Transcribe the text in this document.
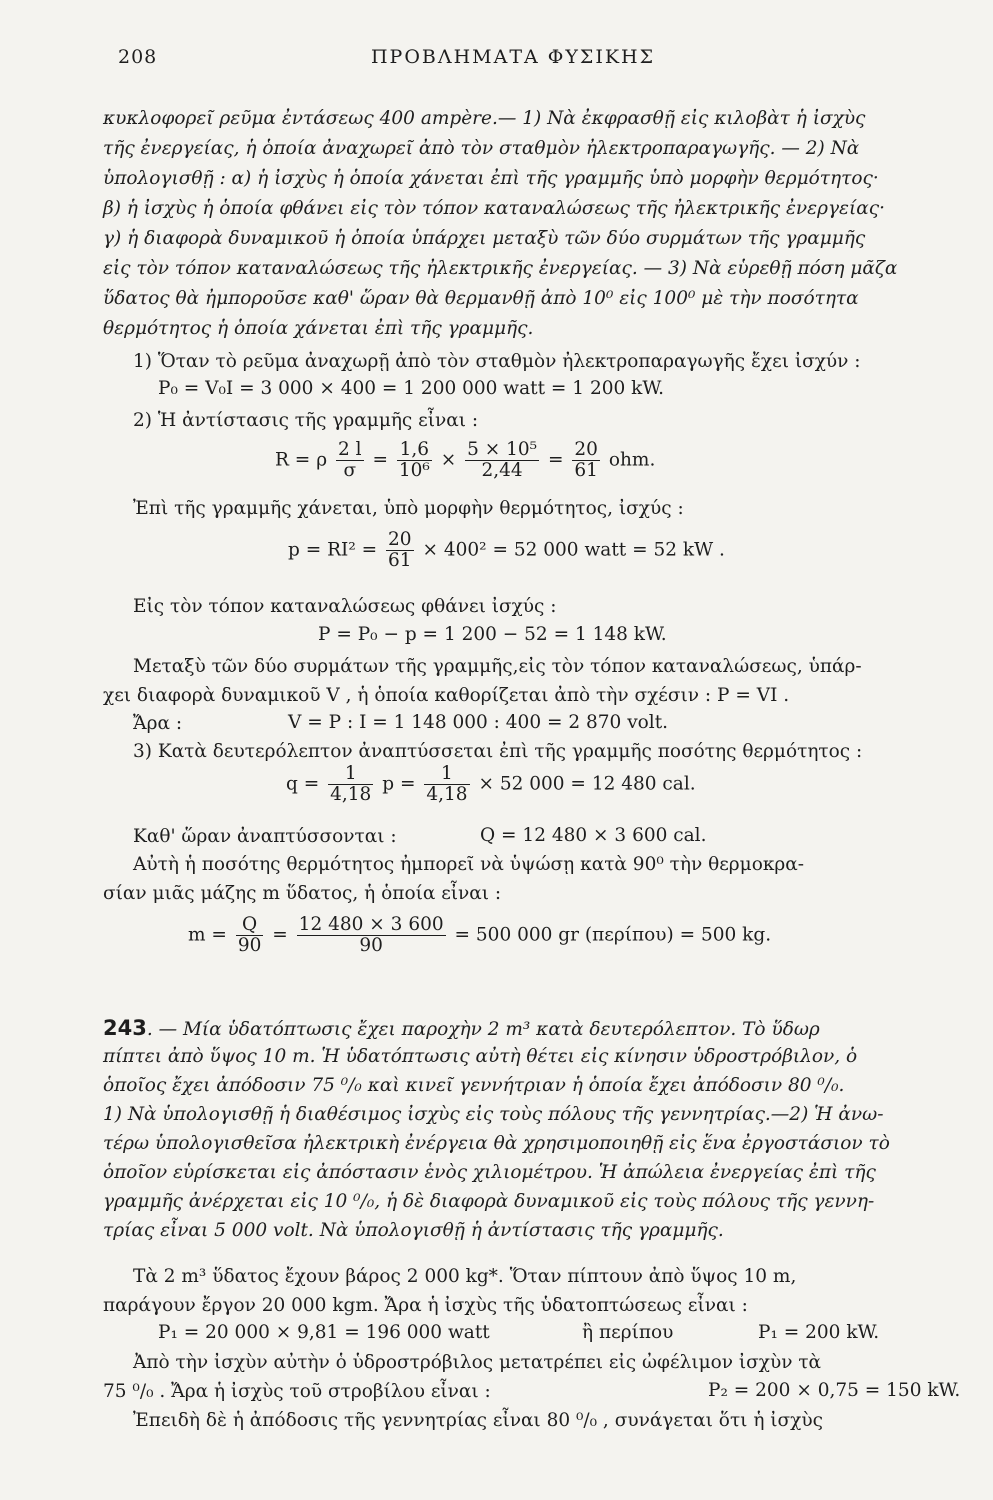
208	ΠΡΟΒΛΗΜΑΤΑ ΦΥΣΙΚΗΣ
κυκλοφορεῖ ρεῦμα ἐντάσεως 400 ampère.— 1) Νὰ ἐκφρασθῇ εἰς κιλοβὰτ ἡ ἰσχὺς
τῆς ἐνεργείας, ἡ ὁποία ἀναχωρεῖ ἀπὸ τὸν σταθμὸν ἠλεκτροπαραγωγῆς. — 2) Νὰ
ὑπολογισθῇ : α) ἡ ἰσχὺς ἡ ὁποία χάνεται ἐπὶ τῆς γραμμῆς ὑπὸ μορφὴν θερμότητος·
β) ἡ ἰσχὺς ἡ ὁποία φθάνει εἰς τὸν τόπον καταναλώσεως τῆς ἠλεκτρικῆς ἐνεργείας·
γ) ἡ διαφορὰ δυναμικοῦ ἡ ὁποία ὑπάρχει μεταξὺ τῶν δύο συρμάτων τῆς γραμμῆς
εἰς τὸν τόπον καταναλώσεως τῆς ἠλεκτρικῆς ἐνεργείας. — 3) Νὰ εὑρεθῇ πόση μᾶζα
ὕδατος θὰ ἠμποροῦσε καθ' ὥραν θὰ θερμανθῇ ἀπὸ 10⁰ εἰς 100⁰ μὲ τὴν ποσότητα
θερμότητος ἡ ὁποία χάνεται ἐπὶ τῆς γραμμῆς.
1) Ὅταν τὸ ρεῦμα ἀναχωρῇ ἀπὸ τὸν σταθμὸν ἠλεκτροπαραγωγῆς ἔχει ἰσχύν :
P₀ = V₀I = 3 000 × 400 = 1 200 000 watt = 1 200 kW.
2) Ἡ ἀντίστασις τῆς γραμμῆς εἶναι :
R = ρ $\frac{2 l}{\sigma} = \frac{1,6}{\text{10⁶}} \times \frac{\text{5 × 10⁵}}{2,44} = \frac{20}{61}$ ohm.
Ἐπὶ τῆς γραμμῆς χάνεται, ὑπὸ μορφὴν θερμότητος, ἰσχύς :
$p = RI^2 = \frac{20}{61} \times 400^2 = 52$ 000 watt = 52 kW .
Εἰς τὸν τόπον καταναλώσεως φθάνει ἰσχύς :
P = P₀ − p = 1 200 − 52 = 1 148 kW.
Μεταξὺ τῶν δύο συρμάτων τῆς γραμμῆς,εἰς τὸν τόπον καταναλώσεως, ὑπάρ-
χει διαφορὰ δυναμικοῦ V , ἡ ὁποία καθορίζεται ἀπὸ τὴν σχέσιν : P = VI .
Ἄρα :	V = P : I = 1 148 000 : 400 = 2 870 volt.
3) Κατὰ δευτερόλεπτον ἀναπτύσσεται ἐπὶ τῆς γραμμῆς ποσότης θερμότητος :
$q = \frac{1}{4,18}$ $p = \frac{1}{4,18} \times 52$ 000 = 12 480 cal.
Καθ' ὥραν ἀναπτύσσονται :	Q = 12 480 × 3 600 cal.
Αὐτὴ ἡ ποσότης θερμότητος ἠμπορεῖ νὰ ὑψώσῃ κατὰ 90⁰ τὴν θερμοκρα-
σίαν μιᾶς μάζης m ὕδατος, ἡ ὁποία εἶναι :
$m = \frac{Q}{90} = \frac{12 480 \times 3 600}{90} = 500$ 000 gr (περίπου) = 500 kg.
243. — Μία ὑδατόπτωσις ἔχει παροχὴν 2 m³ κατὰ δευτερόλεπτον. Τὸ ὕδωρ
πίπτει ἀπὸ ὕψος 10 m. Ἡ ὑδατόπτωσις αὐτὴ θέτει εἰς κίνησιν ὑδροστρόβιλον, ὁ
ὁποῖος ἔχει ἀπόδοσιν 75 ⁰/₀ καὶ κινεῖ γεννήτριαν ἡ ὁποία ἔχει ἀπόδοσιν 80 ⁰/₀.
1) Νὰ ὑπολογισθῇ ἡ διαθέσιμος ἰσχὺς εἰς τοὺς πόλους τῆς γεννητρίας.—2) Ἡ ἀνω-
τέρω ὑπολογισθεῖσα ἠλεκτρικὴ ἐνέργεια θὰ χρησιμοποιηθῇ εἰς ἕνα ἐργοστάσιον τὸ
ὁποῖον εὑρίσκεται εἰς ἀπόστασιν ἑνὸς χιλιομέτρου. Ἡ ἀπώλεια ἐνεργείας ἐπὶ τῆς
γραμμῆς ἀνέρχεται εἰς 10 ⁰/₀, ἡ δὲ διαφορὰ δυναμικοῦ εἰς τοὺς πόλους τῆς γεννη-
τρίας εἶναι 5 000 volt. Νὰ ὑπολογισθῇ ἡ ἀντίστασις τῆς γραμμῆς.
Τὰ 2 m³ ὕδατος ἔχουν βάρος 2 000 kg*. Ὅταν πίπτουν ἀπὸ ὕψος 10 m,
παράγουν ἔργον 20 000 kgm. Ἄρα ἡ ἰσχὺς τῆς ὑδατοπτώσεως εἶναι :
P₁ = 20 000 × 9,81 = 196 000 watt	ἢ περίπου	P₁ = 200 kW.
Ἀπὸ τὴν ἰσχὺν αὐτὴν ὁ ὑδροστρόβιλος μετατρέπει εἰς ὠφέλιμον ἰσχὺν τὰ
75 ⁰/₀ . Ἄρα ἡ ἰσχὺς τοῦ στροβίλου εἶναι :	P₂ = 200 × 0,75 = 150 kW.
Ἐπειδὴ δὲ ἡ ἀπόδοσις τῆς γεννητρίας εἶναι 80 ⁰/₀ , συνάγεται ὅτι ἡ ἰσχὺς
